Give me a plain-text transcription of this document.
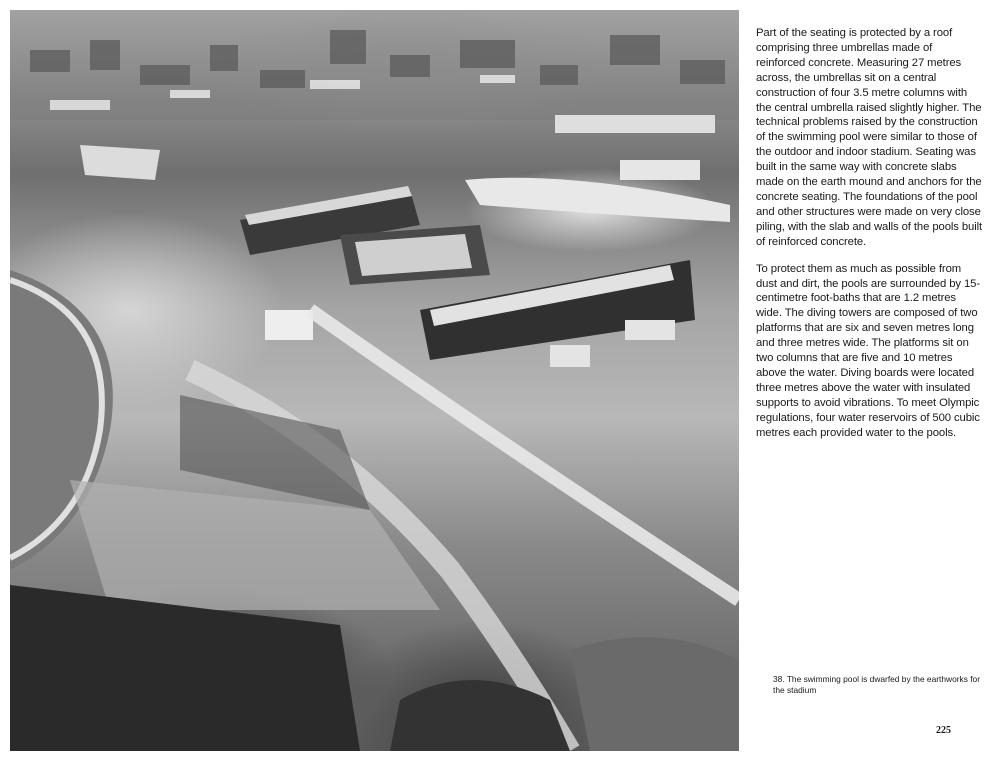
Part of the seating is protected by a roof comprising three umbrellas made of reinforced concrete. Measuring 27 metres across, the umbrellas sit on a central construction of four 3.5 metre columns with the central umbrella raised slightly higher. The technical problems raised by the construction of the swimming pool were similar to those of the outdoor and indoor stadium. Seating was built in the same way with concrete slabs made on the earth mound and anchors for the concrete seating. The foundations of the pool and other structures were made on very close piling, with the slab and walls of the pools built of reinforced concrete.

To protect them as much as possible from dust and dirt, the pools are surrounded by 15-centimetre foot-baths that are 1.2 metres wide. The diving towers are composed of two platforms that are six and seven metres long and three metres wide. The platforms sit on two columns that are five and 10 metres above the water. Diving boards were located three metres above the water with insulated supports to avoid vibrations. To meet Olympic regulations, four water reservoirs of 500 cubic metres each provided water to the pools.

38. The swimming pool is dwarfed by the earthworks for the stadium
225
